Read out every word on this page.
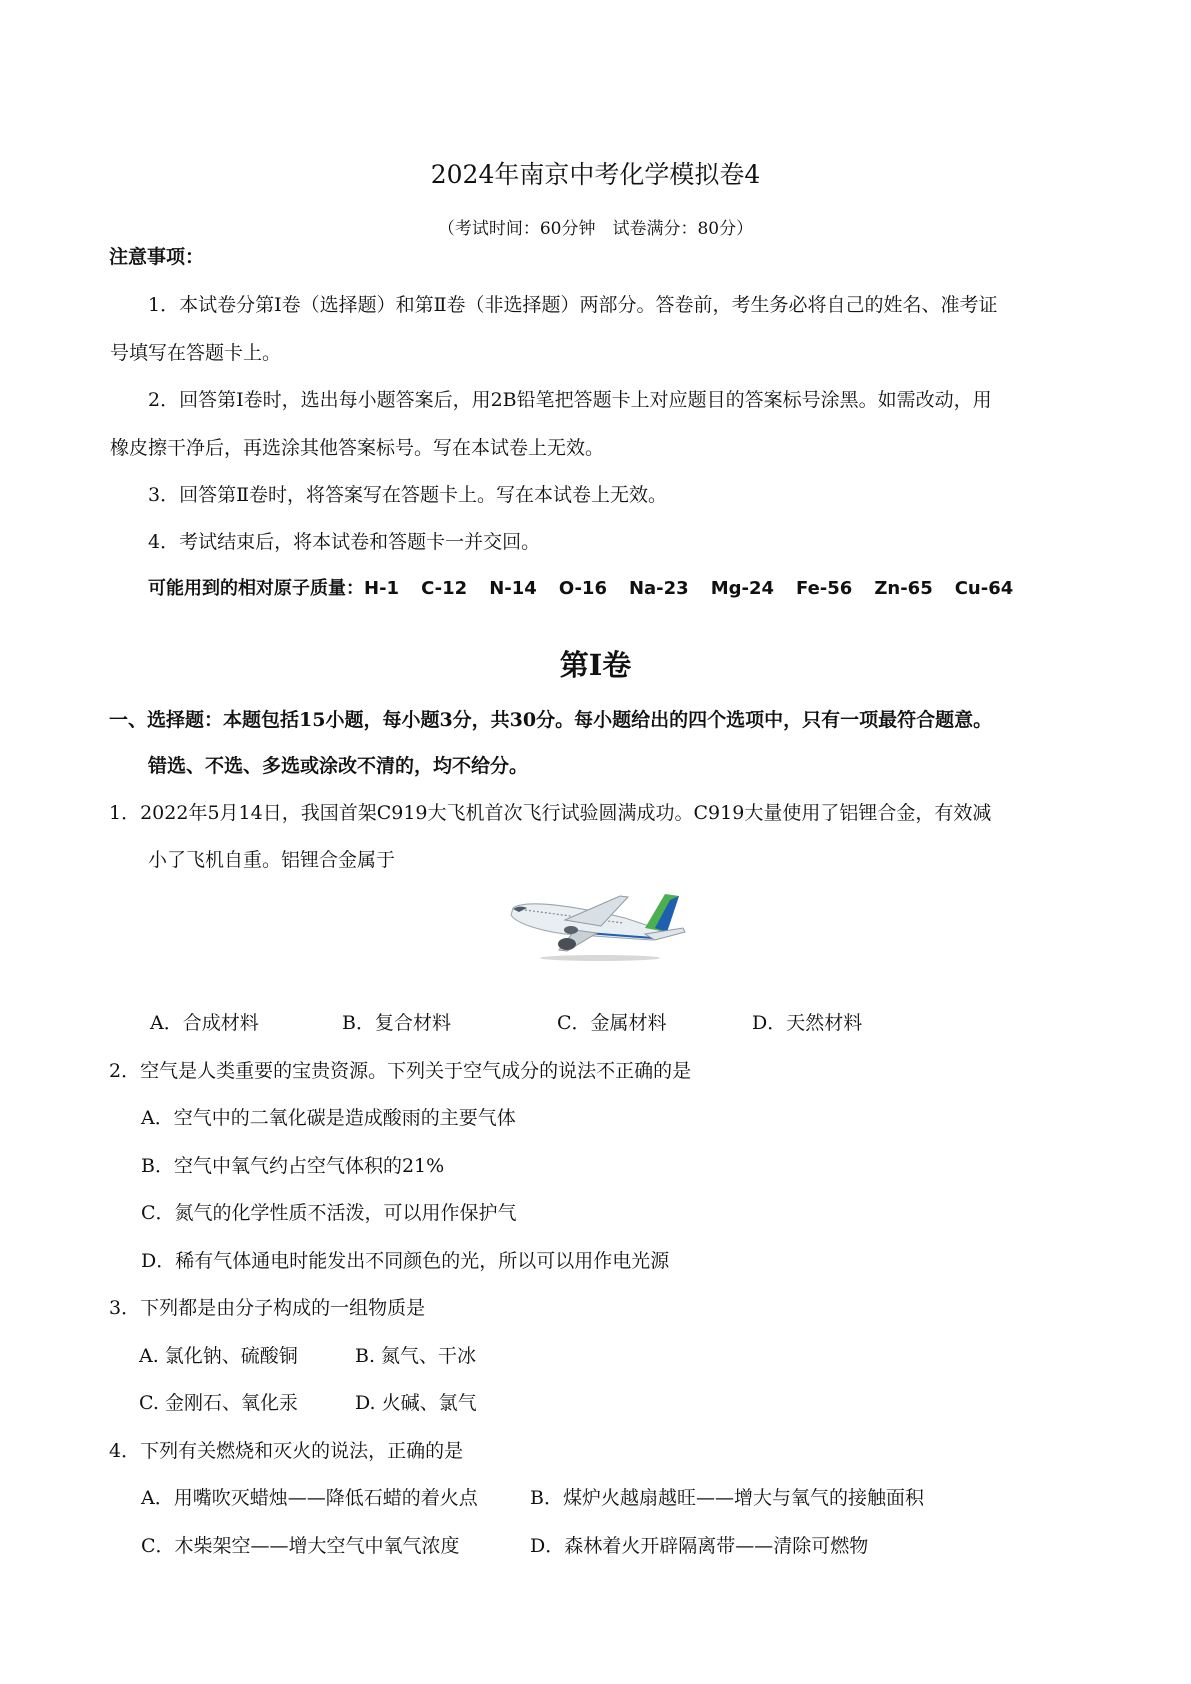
2024年南京中考化学模拟卷4
（考试时间：60分钟　试卷满分：80分）
注意事项：
1．本试卷分第Ⅰ卷（选择题）和第Ⅱ卷（非选择题）两部分。答卷前，考生务必将自己的姓名、准考证
号填写在答题卡上。
2．回答第Ⅰ卷时，选出每小题答案后，用2B铅笔把答题卡上对应题目的答案标号涂黑。如需改动，用
橡皮擦干净后，再选涂其他答案标号。写在本试卷上无效。
3．回答第Ⅱ卷时，将答案写在答题卡上。写在本试卷上无效。
4．考试结束后，将本试卷和答题卡一并交回。
可能用到的相对原子质量：H-1 C-12 N-14 O-16 Na-23 Mg-24 Fe-56 Zn-65 Cu-64
第Ⅰ卷
一、选择题：本题包括15小题，每小题3分，共30分。每小题给出的四个选项中，只有一项最符合题意。
错选、不选、多选或涂改不清的，均不给分。
1．2022年5月14日，我国首架C919大飞机首次飞行试验圆满成功。C919大量使用了铝锂合金，有效减
小了飞机自重。铝锂合金属于
A．合成材料	B．复合材料	C．金属材料	D．天然材料
2．空气是人类重要的宝贵资源。下列关于空气成分的说法不正确的是
A．空气中的二氧化碳是造成酸雨的主要气体
B．空气中氧气约占空气体积的21%
C．氮气的化学性质不活泼，可以用作保护气
D．稀有气体通电时能发出不同颜色的光，所以可以用作电光源
3．下列都是由分子构成的一组物质是
A. 氯化钠、硫酸铜	B. 氮气、干冰
C. 金刚石、氧化汞	D. 火碱、氯气
4．下列有关燃烧和灭火的说法，正确的是
A．用嘴吹灭蜡烛——降低石蜡的着火点	B．煤炉火越扇越旺——增大与氧气的接触面积
C．木柴架空——增大空气中氧气浓度	D．森林着火开辟隔离带——清除可燃物
